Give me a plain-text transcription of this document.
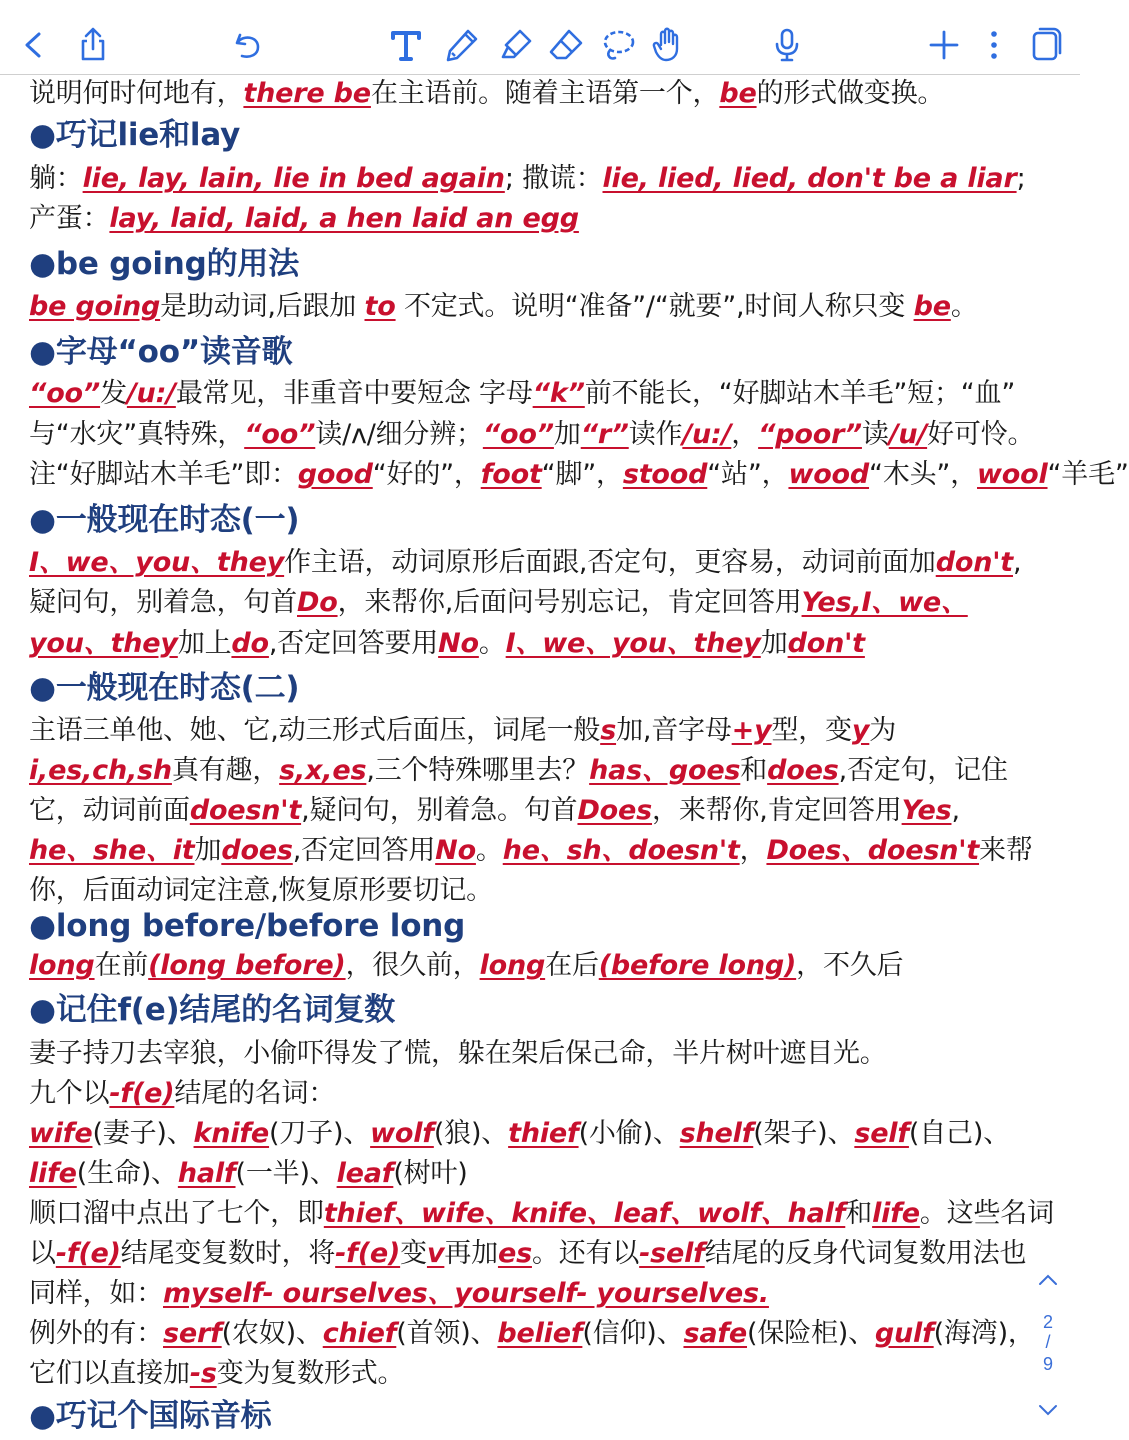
说明何时何地有，there be在主语前。随着主语第一个，be的形式做变换。
●巧记lie和lay
躺：lie, lay, lain, lie in bed again; 撒谎：lie, lied, lied, don't be a liar;
产蛋：lay, laid, laid, a hen laid an egg
●be going的用法
be going是助动词,后跟加 to 不定式。说明“准备”/“就要”,时间人称只变 be。
●字母“oo”读音歌
“oo”发/u:/最常见，非重音中要短念 字母“k”前不能长，“好脚站木羊毛”短；“血”
与“水灾”真特殊，“oo”读/ʌ/细分辨；“oo”加“r”读作/u:/，“poor”读/u/好可怜。
注“好脚站木羊毛”即：good“好的”，foot“脚”，stood“站”，wood“木头”，wool“羊毛”
●一般现在时态(一)
I、we、you、they作主语，动词原形后面跟,否定句，更容易，动词前面加don't,
疑问句，别着急，句首Do，来帮你,后面问号别忘记，肯定回答用Yes,I、we、
you、they加上do,否定回答要用No。I、we、you、they加don't
●一般现在时态(二)
主语三单他、她、它,动三形式后面压，词尾一般s加,音字母+y型，变y为
i,es,ch,sh真有趣，s,x,es,三个特殊哪里去？has、goes和does,否定句，记住
它，动词前面doesn't,疑问句，别着急。句首Does，来帮你,肯定回答用Yes,
he、she、it加does,否定回答用No。he、sh、doesn't，Does、doesn't来帮
你，后面动词定注意,恢复原形要切记。
●long before/before long
long在前(long before)，很久前，long在后(before long)，不久后
●记住f(e)结尾的名词复数
妻子持刀去宰狼，小偷吓得发了慌，躲在架后保己命，半片树叶遮目光。
九个以-f(e)结尾的名词：
wife(妻子)、knife(刀子)、wolf(狼)、thief(小偷)、shelf(架子)、self(自己)、
life(生命)、half(一半)、leaf(树叶)
顺口溜中点出了七个，即thief、wife、knife、leaf、wolf、half和life。这些名词
以-f(e)结尾变复数时，将-f(e)变v再加es。还有以-self结尾的反身代词复数用法也
同样，如：myself- ourselves、yourself- yourselves.
例外的有：serf(农奴)、chief(首领)、belief(信仰)、safe(保险柜)、gulf(海湾)，
它们以直接加-s变为复数形式。
●巧记个国际音标
2
/
9
